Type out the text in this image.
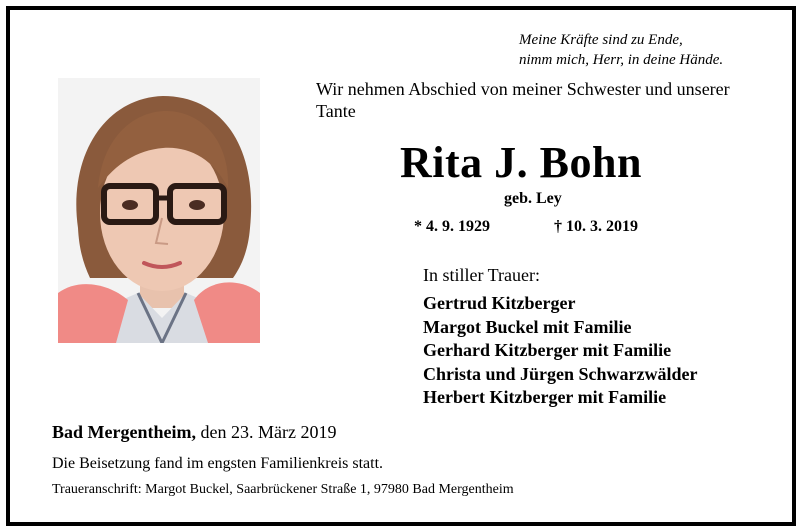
Meine Kräfte sind zu Ende,
nimm mich, Herr, in deine Hände.
Wir nehmen Abschied von meiner Schwester und unserer Tante
Rita J. Bohn
geb. Ley
* 4. 9. 1929	† 10. 3. 2019
In stiller Trauer:
Gertrud Kitzberger
Margot Buckel mit Familie
Gerhard Kitzberger mit Familie
Christa und Jürgen Schwarzwälder
Herbert Kitzberger mit Familie
Bad Mergentheim, den 23. März 2019
Die Beisetzung fand im engsten Familienkreis statt.
Traueranschrift: Margot Buckel, Saarbrückener Straße 1, 97980 Bad Mergentheim
